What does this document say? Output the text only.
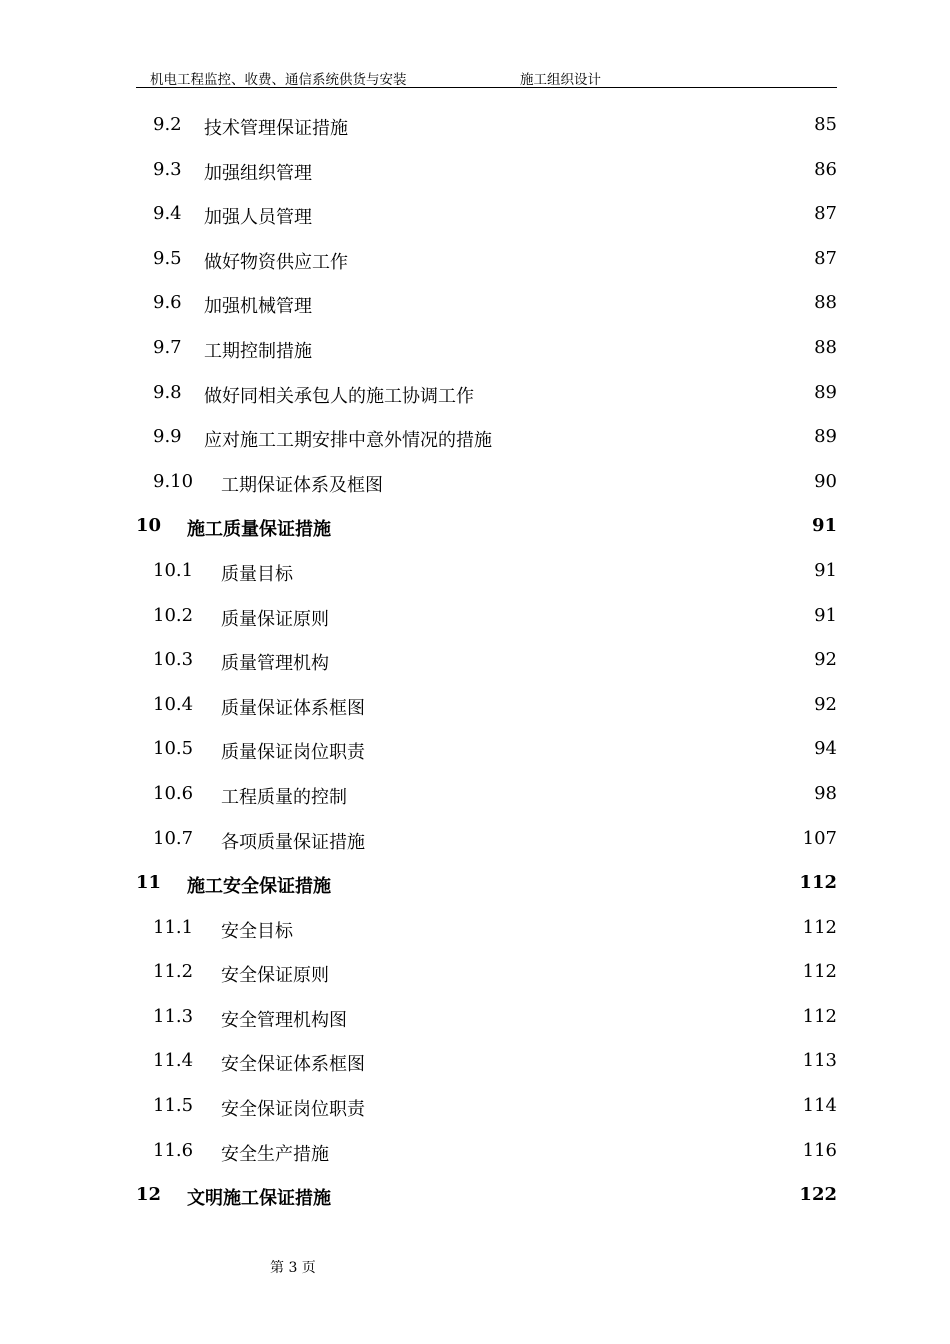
机电工程监控、收费、通信系统供货与安装	施工组织设计
9.2 技术管理保证措施	85
9.3 加强组织管理	86
9.4 加强人员管理	87
9.5 做好物资供应工作	87
9.6 加强机械管理	88
9.7 工期控制措施	88
9.8 做好同相关承包人的施工协调工作	89
9.9 应对施工工期安排中意外情况的措施	89
9.10 工期保证体系及框图	90
10 施工质量保证措施	91
10.1 质量目标	91
10.2 质量保证原则	91
10.3 质量管理机构	92
10.4 质量保证体系框图	92
10.5 质量保证岗位职责	94
10.6 工程质量的控制	98
10.7 各项质量保证措施	107
11 施工安全保证措施	112
11.1 安全目标	112
11.2 安全保证原则	112
11.3 安全管理机构图	112
11.4 安全保证体系框图	113
11.5 安全保证岗位职责	114
11.6 安全生产措施	116
12 文明施工保证措施	122
第 3 页
